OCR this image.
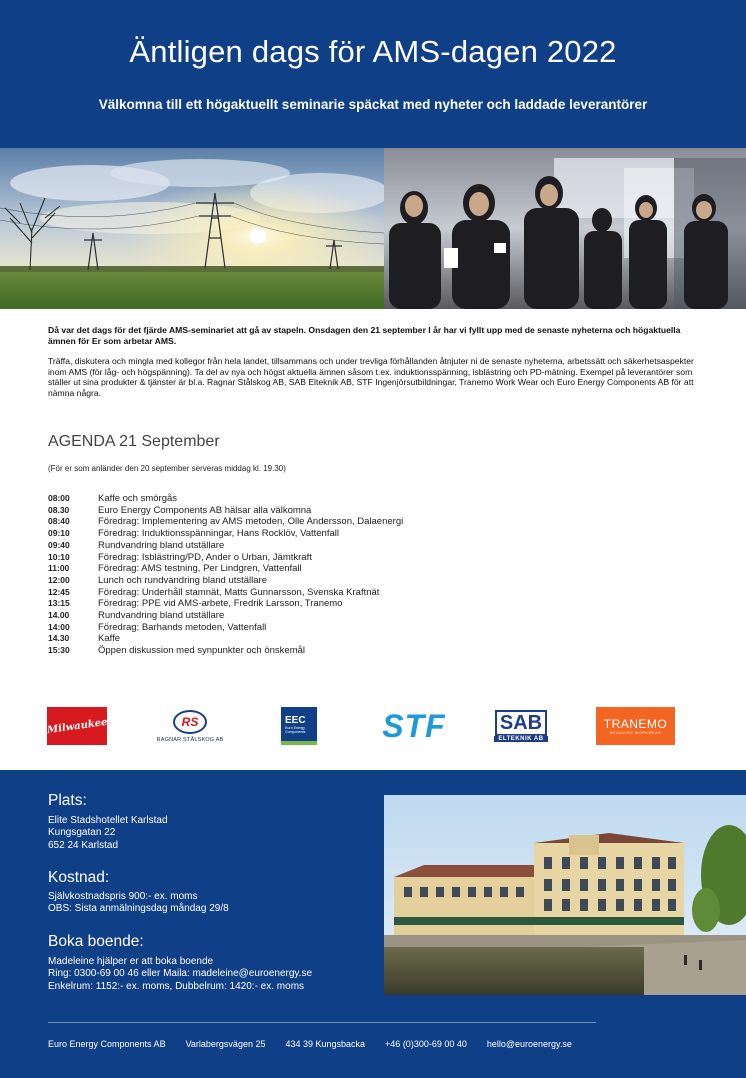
Äntligen dags för AMS-dagen 2022
Välkomna till ett högaktuellt seminarie späckat med nyheter och laddade leverantörer

Då var det dags för det fjärde AMS-seminariet att gå av stapeln. Onsdagen den 21 september I år har vi fyllt upp med de senaste nyheterna och högaktuella ämnen för Er som arbetar AMS.

Träffa, diskutera och mingla med kollegor från hela landet, tillsammans och under trevliga förhållanden åtnjuter ni de senaste nyheterna, arbetssätt och säkerhetsaspekter inom AMS (för låg- och högspänning). Ta del av nya och högst aktuella ämnen såsom t.ex. induktionsspänning, isblästring och PD-mätning. Exempel på leverantörer som ställer ut sina produkter & tjänster är bl.a. Ragnar Stålskog AB, SAB Elteknik AB, STF Ingenjörsutbildningar, Tranemo Work Wear och Euro Energy Components AB för att nämna några.

AGENDA 21 September
(För er som anländer den 20 september serveras middag kl. 19.30)
08:00	Kaffe och smörgås
08.30	Euro Energy Components AB hälsar alla välkomna
08:40	Föredrag: Implementering av AMS metoden, Olle Andersson, Dalaenergi
09:10	Föredrag: Induktionsspänningar, Hans Rocklöv, Vattenfall
09:40	Rundvandring bland utställare
10:10	Föredrag: Isblästring/PD, Ander o Urban, Jämtkraft
11:00	Föredrag: AMS testning, Per Lindgren, Vattenfall
12:00	Lunch och rundvandring bland utställare
12:45	Föredrag: Underhåll stamnät, Matts Gunnarsson, Svenska Kraftnät
13:15	Föredrag: PPE vid AMS-arbete, Fredrik Larsson, Tranemo
14.00	Rundvandring bland utställare
14:00	Föredrag: Barhands metoden, Vattenfall
14.30	Kaffe
15:30	Öppen diskussion med synpunkter och önskemål
Milwaukee	RS
RAGNAR STÅLSKOG AB
EEC
Euro Energy Components STF	SAB
ELTEKNIK AB
TRANEMO
ADVANCED WORKWEAR
Plats:
Elite Stadshotellet Karlstad
Kungsgatan 22
652 24 Karlstad
Kostnad:
Självkostnadspris 900:- ex. moms
OBS: Sista anmälningsdag måndag 29/8
Boka boende:
Madeleine hjälper er att boka boende
Ring: 0300-69 00 46 eller Maila: madeleine@euroenergy.se
Enkelrum: 1152:- ex. moms, Dubbelrum: 1420:- ex. moms
Euro Energy Components AB Varlabergsvägen 25 434 39 Kungsbacka +46 (0)300-69 00 40 hello@euroenergy.se
